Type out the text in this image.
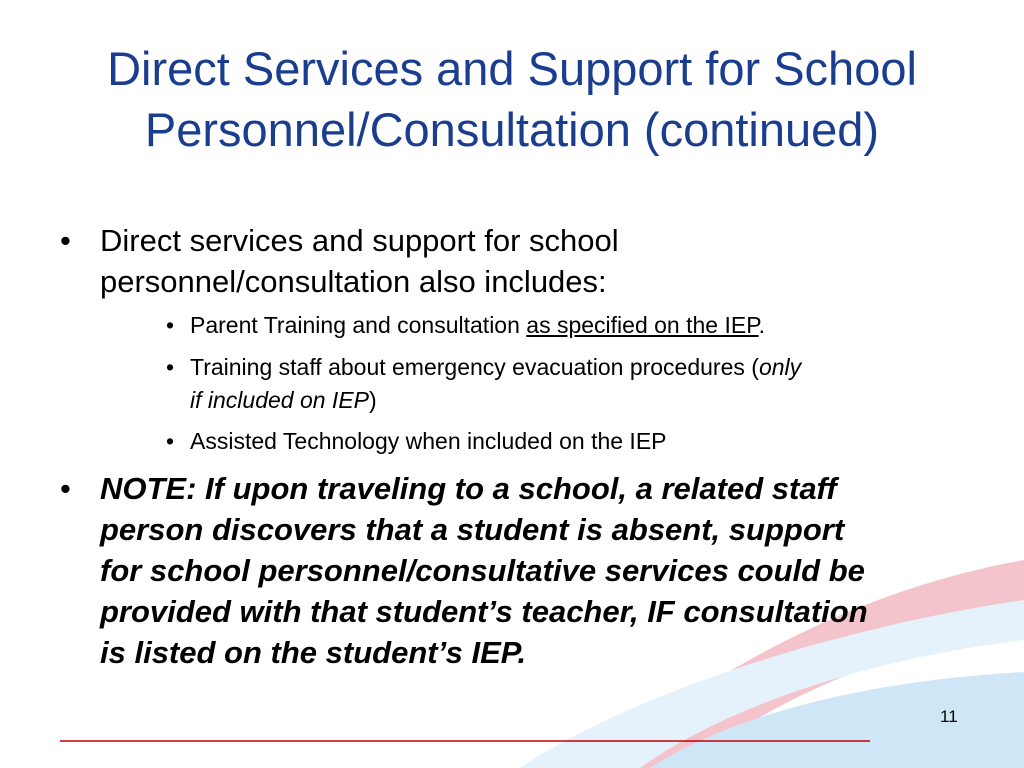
Direct Services and Support for School
Personnel/Consultation (continued)
• Direct services and support for school
personnel/consultation also includes:
• Parent Training and consultation as specified on the IEP.
• Training staff about emergency evacuation procedures (only
if included on IEP)
• Assisted Technology when included on the IEP
• NOTE: If upon traveling to a school, a related staff
person discovers that a student is absent, support
for school personnel/consultative services could be
provided with that student’s teacher, IF consultation
is listed on the student’s IEP.
11
